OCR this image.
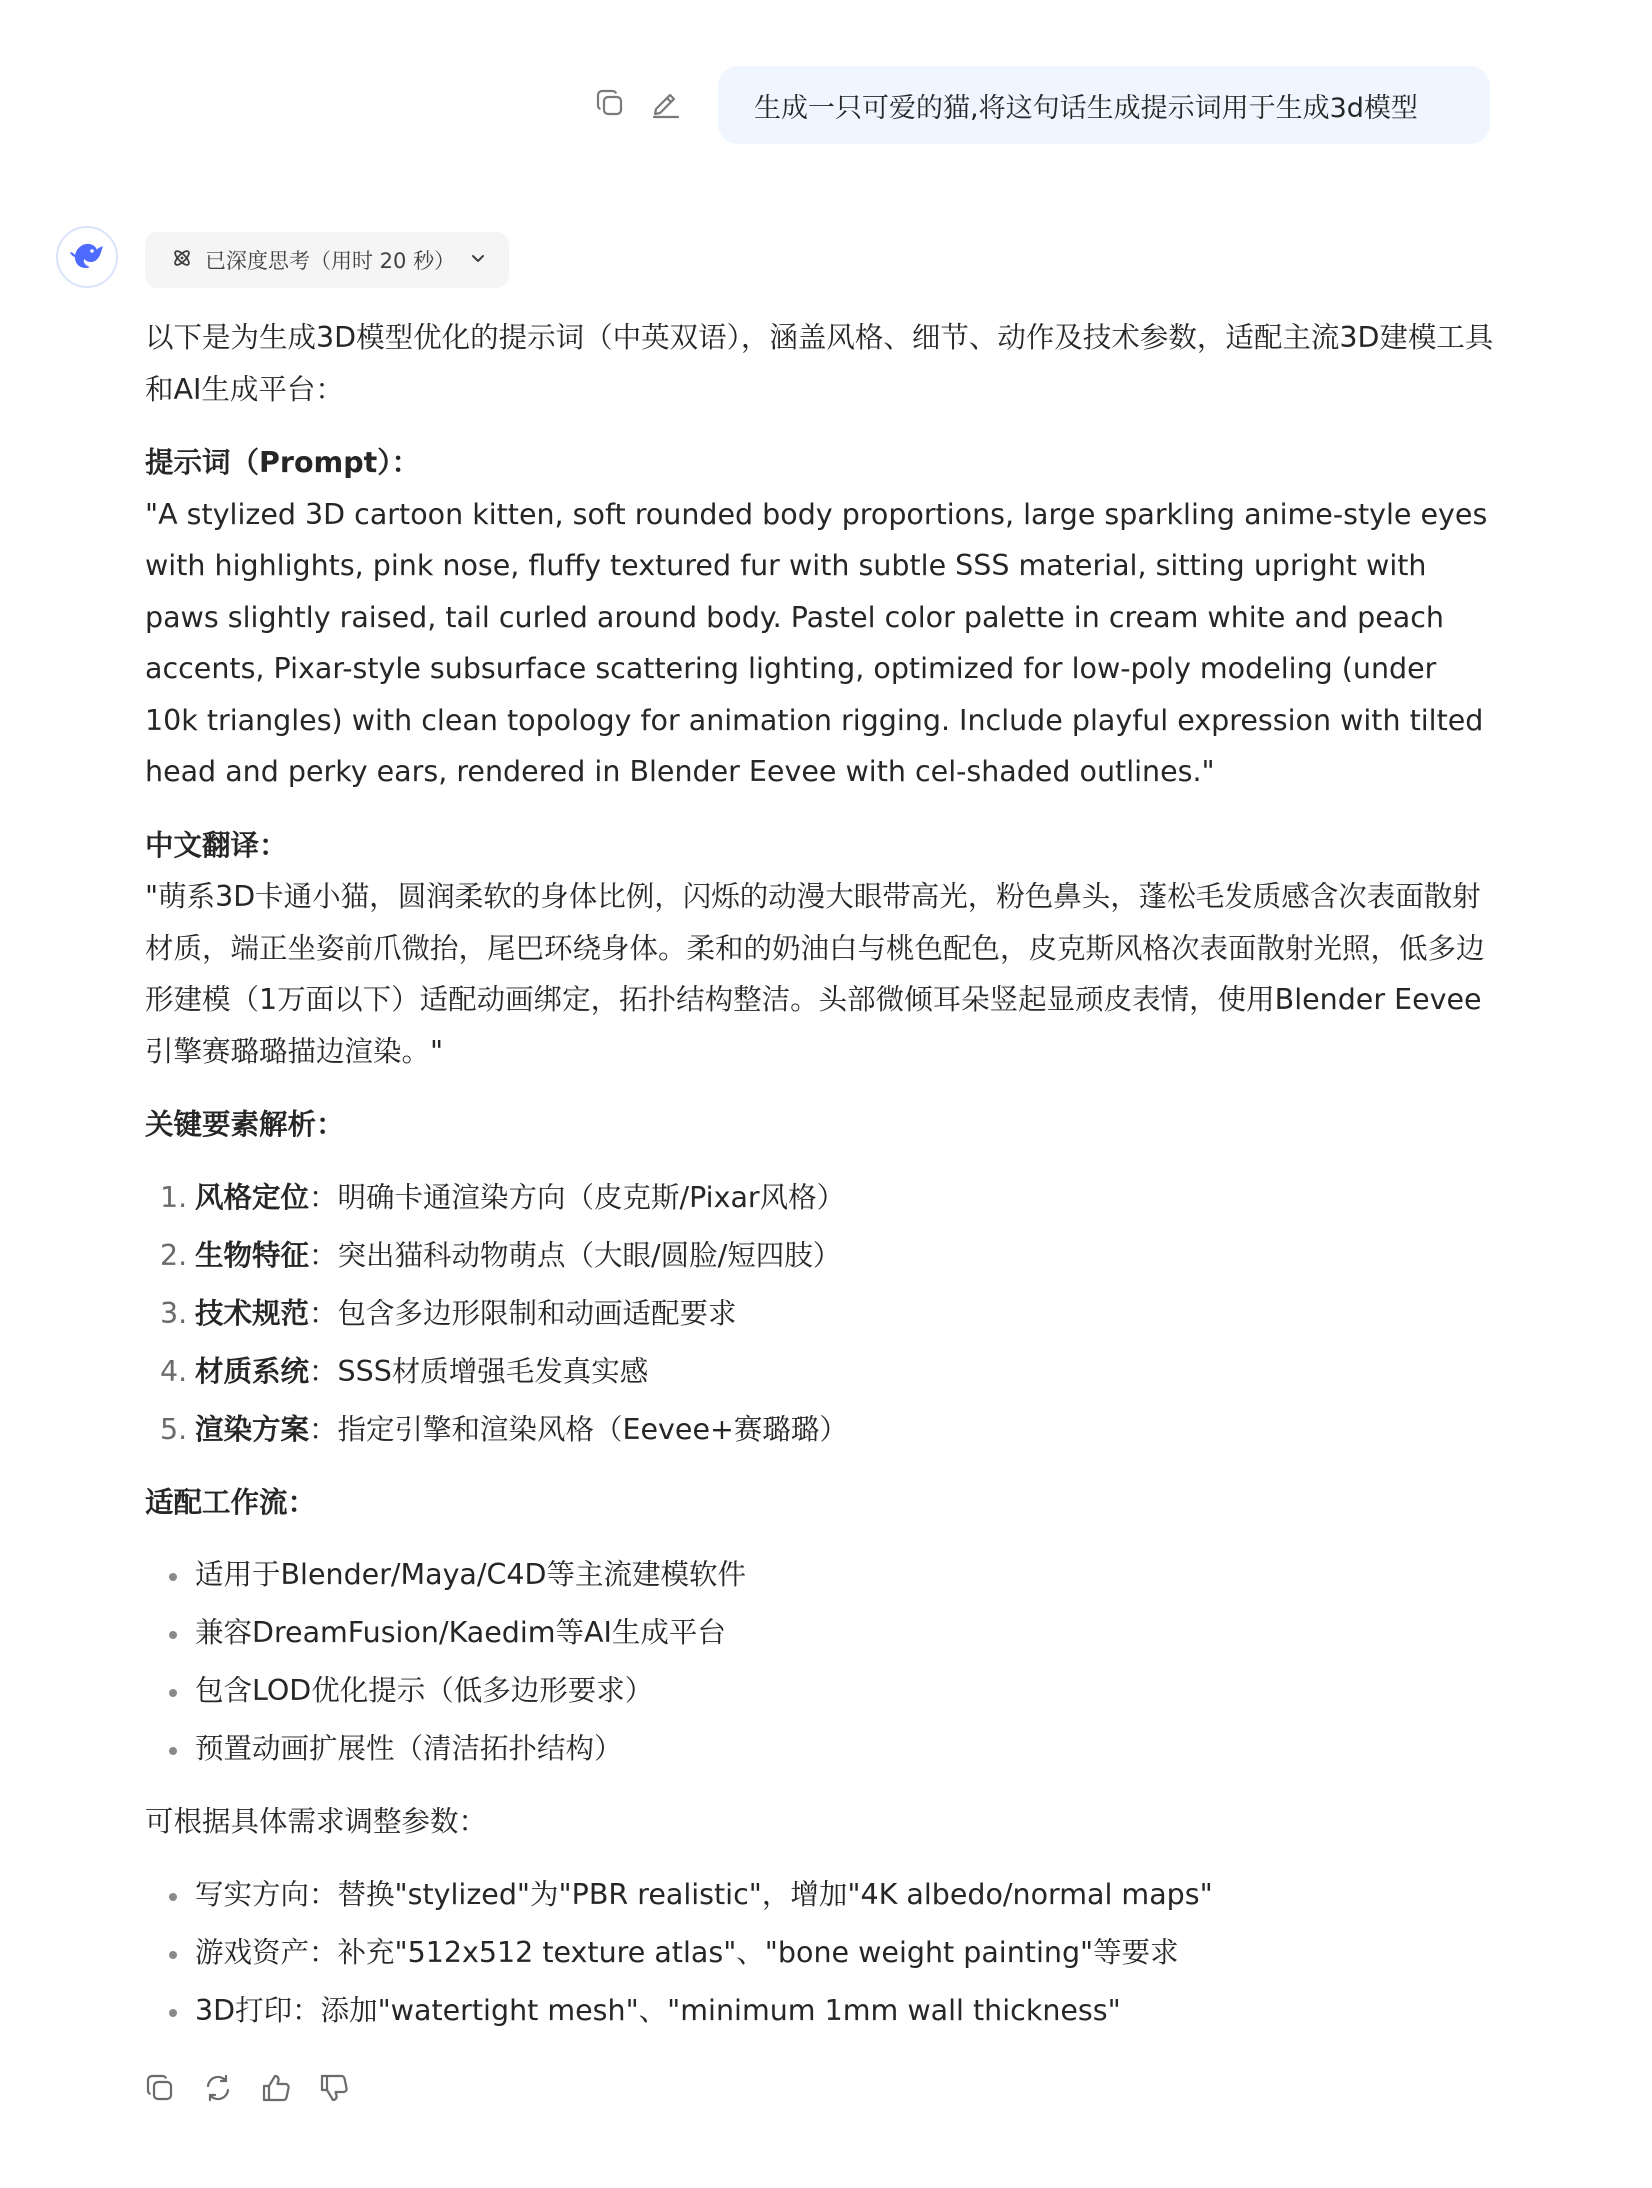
生成一只可爱的猫,将这句话生成提示词用于生成3d模型
已深度思考（用时 20 秒）

以下是为生成3D模型优化的提示词（中英双语），涵盖风格、细节、动作及技术参数，适配主流3D建模工具和AI生成平台：

提示词（Prompt）：

"A stylized 3D cartoon kitten, soft rounded body proportions, large sparkling anime-style eyes with highlights, pink nose, fluffy textured fur with subtle SSS material, sitting upright with paws slightly raised, tail curled around body. Pastel color palette in cream white and peach accents, Pixar-style subsurface scattering lighting, optimized for low-poly modeling (under 10k triangles) with clean topology for animation rigging. Include playful expression with tilted head and perky ears, rendered in Blender Eevee with cel-shaded outlines."

中文翻译：

"萌系3D卡通小猫，圆润柔软的身体比例，闪烁的动漫大眼带高光，粉色鼻头，蓬松毛发质感含次表面散射材质，端正坐姿前爪微抬，尾巴环绕身体。柔和的奶油白与桃色配色，皮克斯风格次表面散射光照，低多边形建模（1万面以下）适配动画绑定，拓扑结构整洁。头部微倾耳朵竖起显顽皮表情，使用Blender Eevee引擎赛璐璐描边渲染。"

关键要素解析：

1. 风格定位：明确卡通渲染方向（皮克斯/Pixar风格）
2. 生物特征：突出猫科动物萌点（大眼/圆脸/短四肢）
3. 技术规范：包含多边形限制和动画适配要求
4. 材质系统：SSS材质增强毛发真实感
5. 渲染方案：指定引擎和渲染风格（Eevee+赛璐璐）

适配工作流：

适用于Blender/Maya/C4D等主流建模软件
兼容DreamFusion/Kaedim等AI生成平台
包含LOD优化提示（低多边形要求）
预置动画扩展性（清洁拓扑结构）

可根据具体需求调整参数：

写实方向：替换"stylized"为"PBR realistic"，增加"4K albedo/normal maps"
游戏资产：补充"512x512 texture atlas"、"bone weight painting"等要求
3D打印：添加"watertight mesh"、"minimum 1mm wall thickness"
